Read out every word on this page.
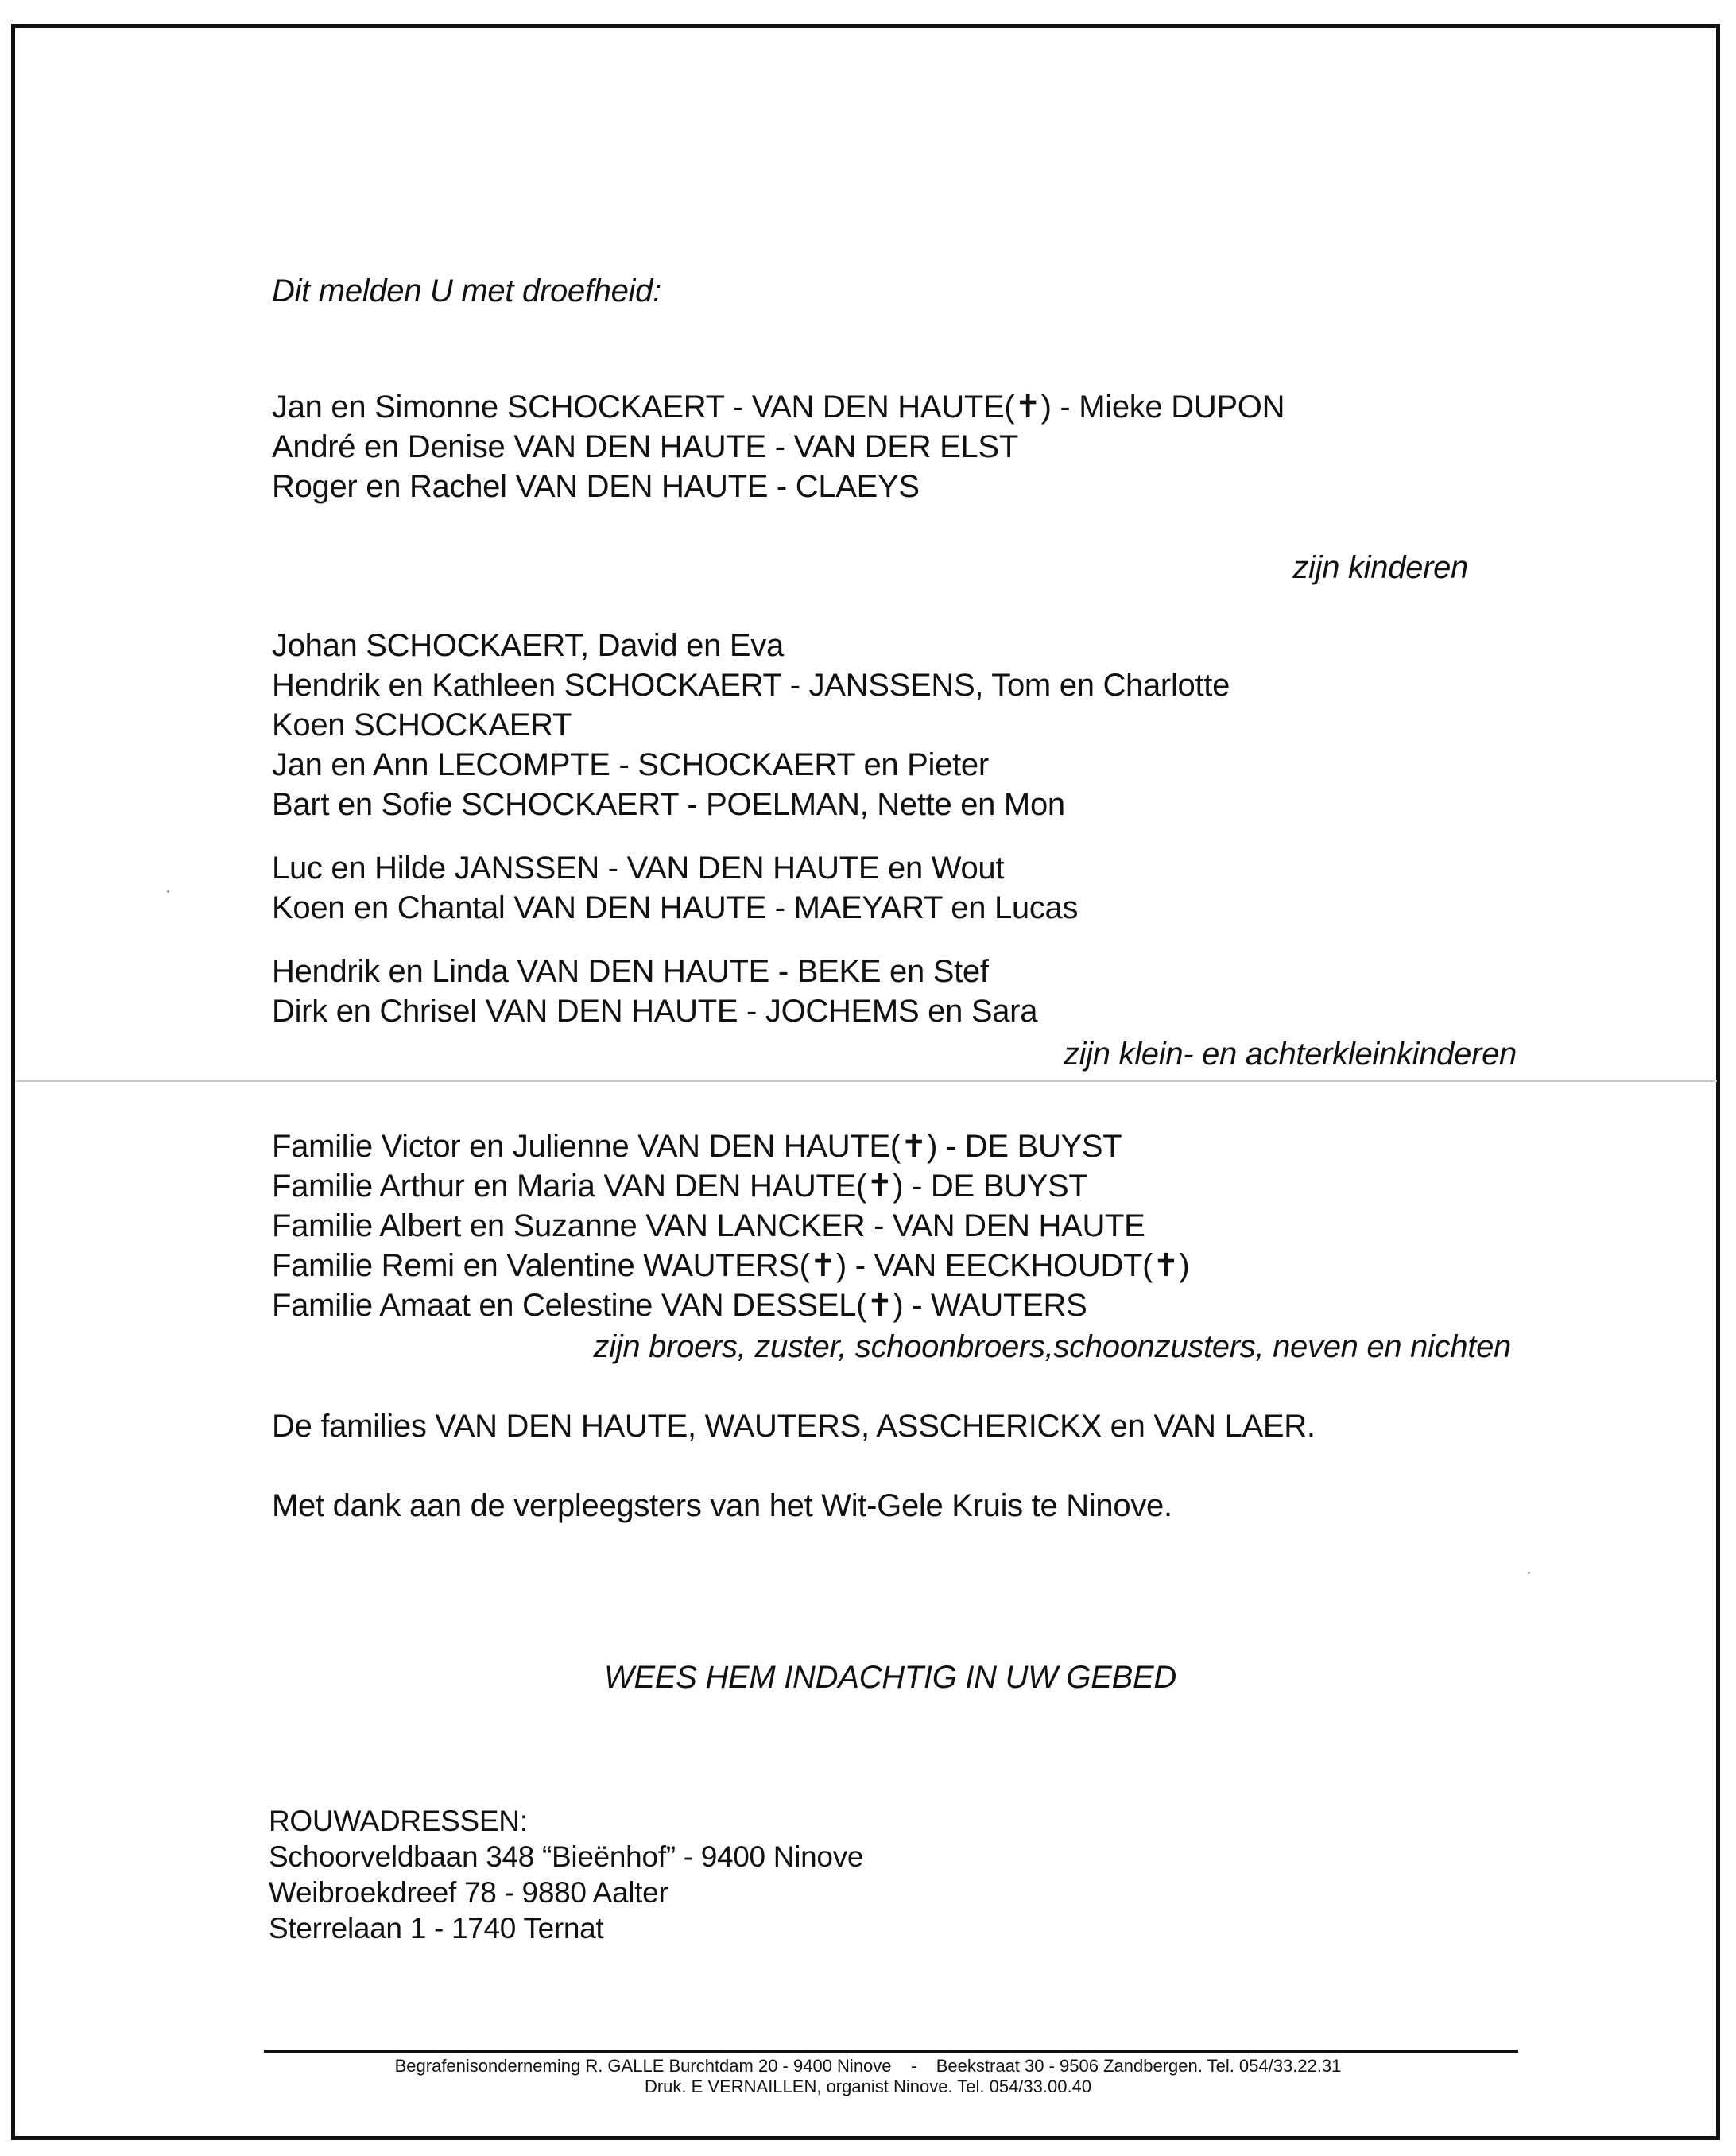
Dit melden U met droefheid:
Jan en Simonne SCHOCKAERT - VAN DEN HAUTE(✝) - Mieke DUPON
André en Denise VAN DEN HAUTE - VAN DER ELST
Roger en Rachel VAN DEN HAUTE - CLAEYS
zijn kinderen
Johan SCHOCKAERT, David en Eva
Hendrik en Kathleen SCHOCKAERT - JANSSENS, Tom en Charlotte
Koen SCHOCKAERT
Jan en Ann LECOMPTE - SCHOCKAERT en Pieter
Bart en Sofie SCHOCKAERT - POELMAN, Nette en Mon
Luc en Hilde JANSSEN - VAN DEN HAUTE en Wout
Koen en Chantal VAN DEN HAUTE - MAEYART en Lucas
Hendrik en Linda VAN DEN HAUTE - BEKE en Stef
Dirk en Chrisel VAN DEN HAUTE - JOCHEMS en Sara
zijn klein- en achterkleinkinderen
Familie Victor en Julienne VAN DEN HAUTE(✝) - DE BUYST
Familie Arthur en Maria VAN DEN HAUTE(✝) - DE BUYST
Familie Albert en Suzanne VAN LANCKER - VAN DEN HAUTE
Familie Remi en Valentine WAUTERS(✝) - VAN EECKHOUDT(✝)
Familie Amaat en Celestine VAN DESSEL(✝) - WAUTERS
zijn broers, zuster, schoonbroers,schoonzusters, neven en nichten
De families VAN DEN HAUTE, WAUTERS, ASSCHERICKX en VAN LAER.
Met dank aan de verpleegsters van het Wit-Gele Kruis te Ninove.
WEES HEM INDACHTIG IN UW GEBED
ROUWADRESSEN:
Schoorveldbaan 348 “Bieënhof” - 9400 Ninove
Weibroekdreef 78 - 9880 Aalter
Sterrelaan 1 - 1740 Ternat
Begrafenisonderneming R. GALLE Burchtdam 20 - 9400 Ninove    -    Beekstraat 30 - 9506 Zandbergen. Tel. 054/33.22.31
Druk. E VERNAILLEN, organist Ninove. Tel. 054/33.00.40
